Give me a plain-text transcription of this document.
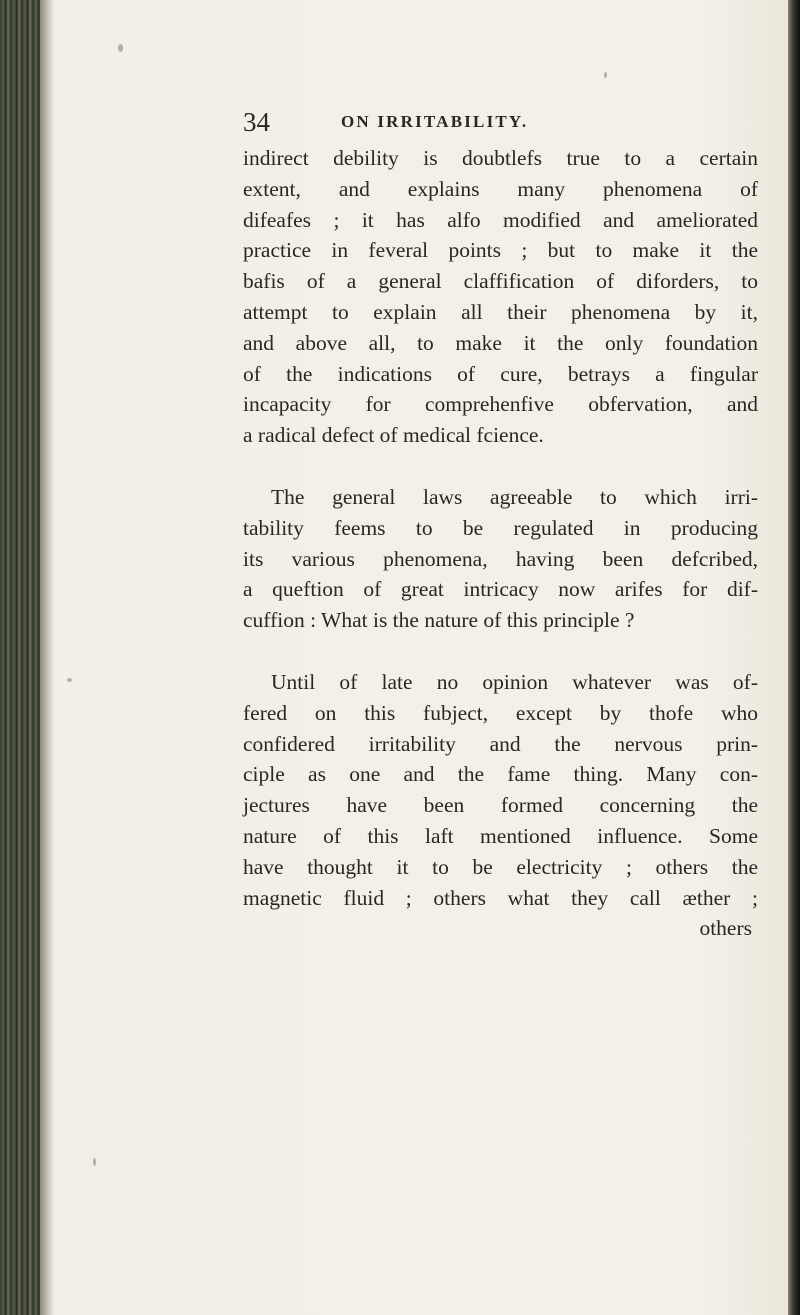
34	ON IRRITABILITY.
indirect debility is doubtlefs true to a certain
extent, and explains many phenomena of
difeafes ; it has alfo modified and ameliorated
practice in feveral points ; but to make it the
bafis of a general claffification of diforders, to
attempt to explain all their phenomena by it,
and above all, to make it the only foundation
of the indications of cure, betrays a fingular
incapacity for comprehenfive obfervation, and
a radical defect of medical fcience.
The general laws agreeable to which irri-
tability feems to be regulated in producing
its various phenomena, having been defcribed,
a queftion of great intricacy now arifes for dif-
cuffion : What is the nature of this principle ?
Until of late no opinion whatever was of-
fered on this fubject, except by thofe who
confidered irritability and the nervous prin-
ciple as one and the fame thing. Many con-
jectures have been formed concerning the
nature of this laft mentioned influence. Some
have thought it to be electricity ; others the
magnetic fluid ; others what they call æther ;
others
